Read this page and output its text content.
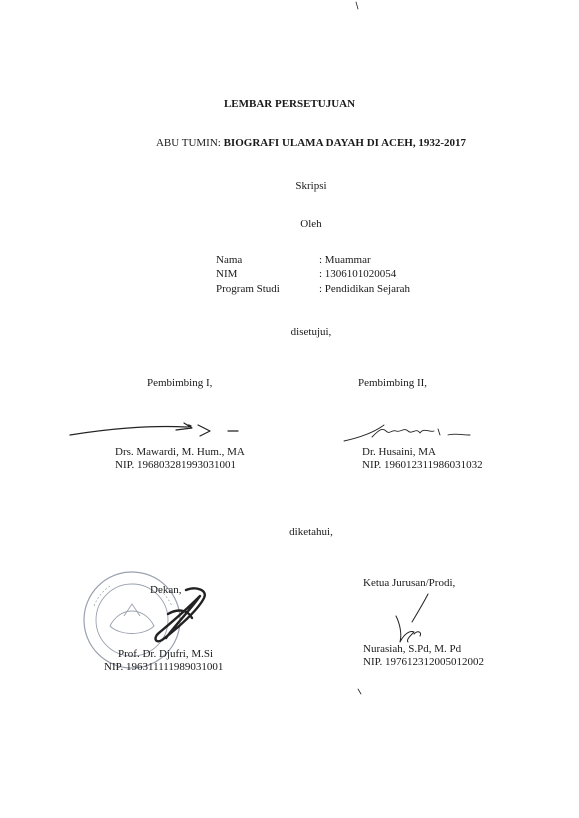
LEMBAR PERSETUJUAN
ABU TUMIN: BIOGRAFI ULAMA DAYAH DI ACEH, 1932-2017
Skripsi
Oleh
Nama	: Muammar
NIM	: 1306101020054
Program Studi	: Pendidikan Sejarah
disetujui,
Pembimbing I,
Drs. Mawardi, M. Hum., MA
NIP. 196803281993031001
Pembimbing II,
Dr. Husaini, MA
NIP. 196012311986031032
diketahui,
Dekan,
Prof. Dr. Djufri, M.Si
NIP. 196311111989031001
Ketua Jurusan/Prodi,
Nurasiah, S.Pd, M. Pd
NIP. 197612312005012002
